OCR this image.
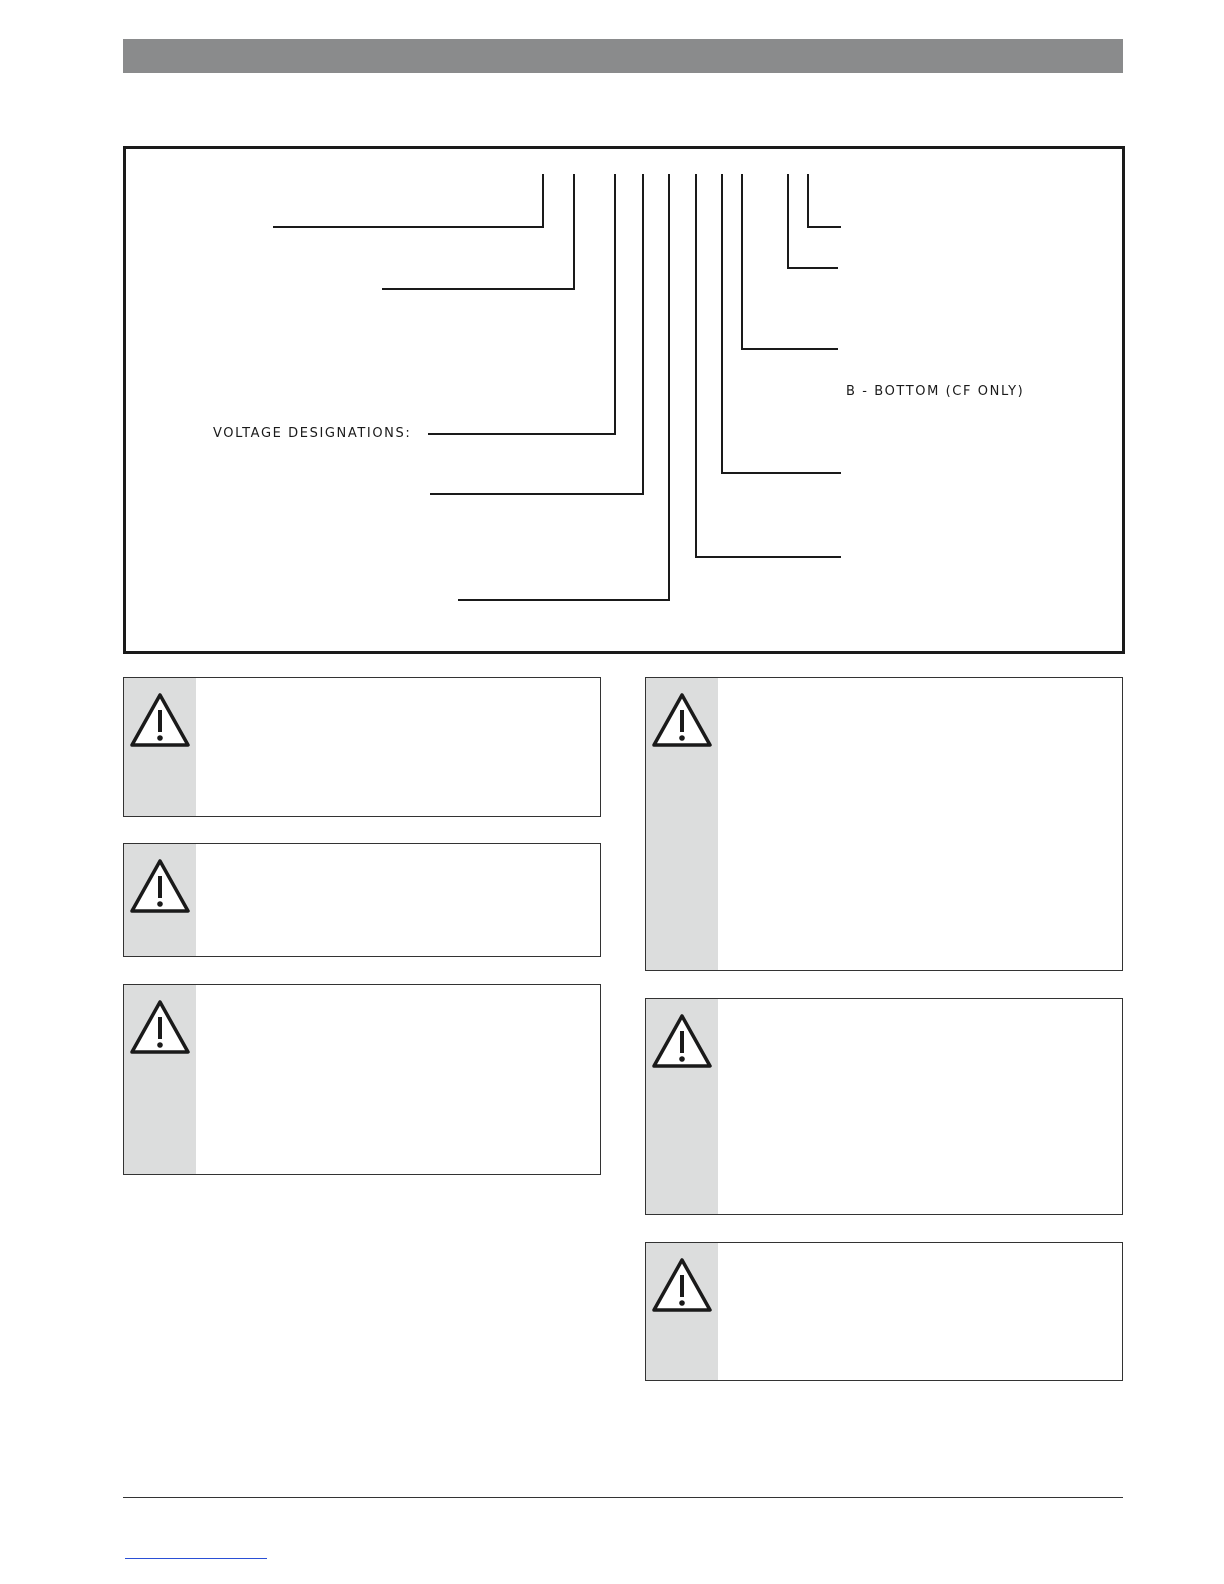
VOLTAGE DESIGNATIONS:
B - BOTTOM (CF ONLY)
